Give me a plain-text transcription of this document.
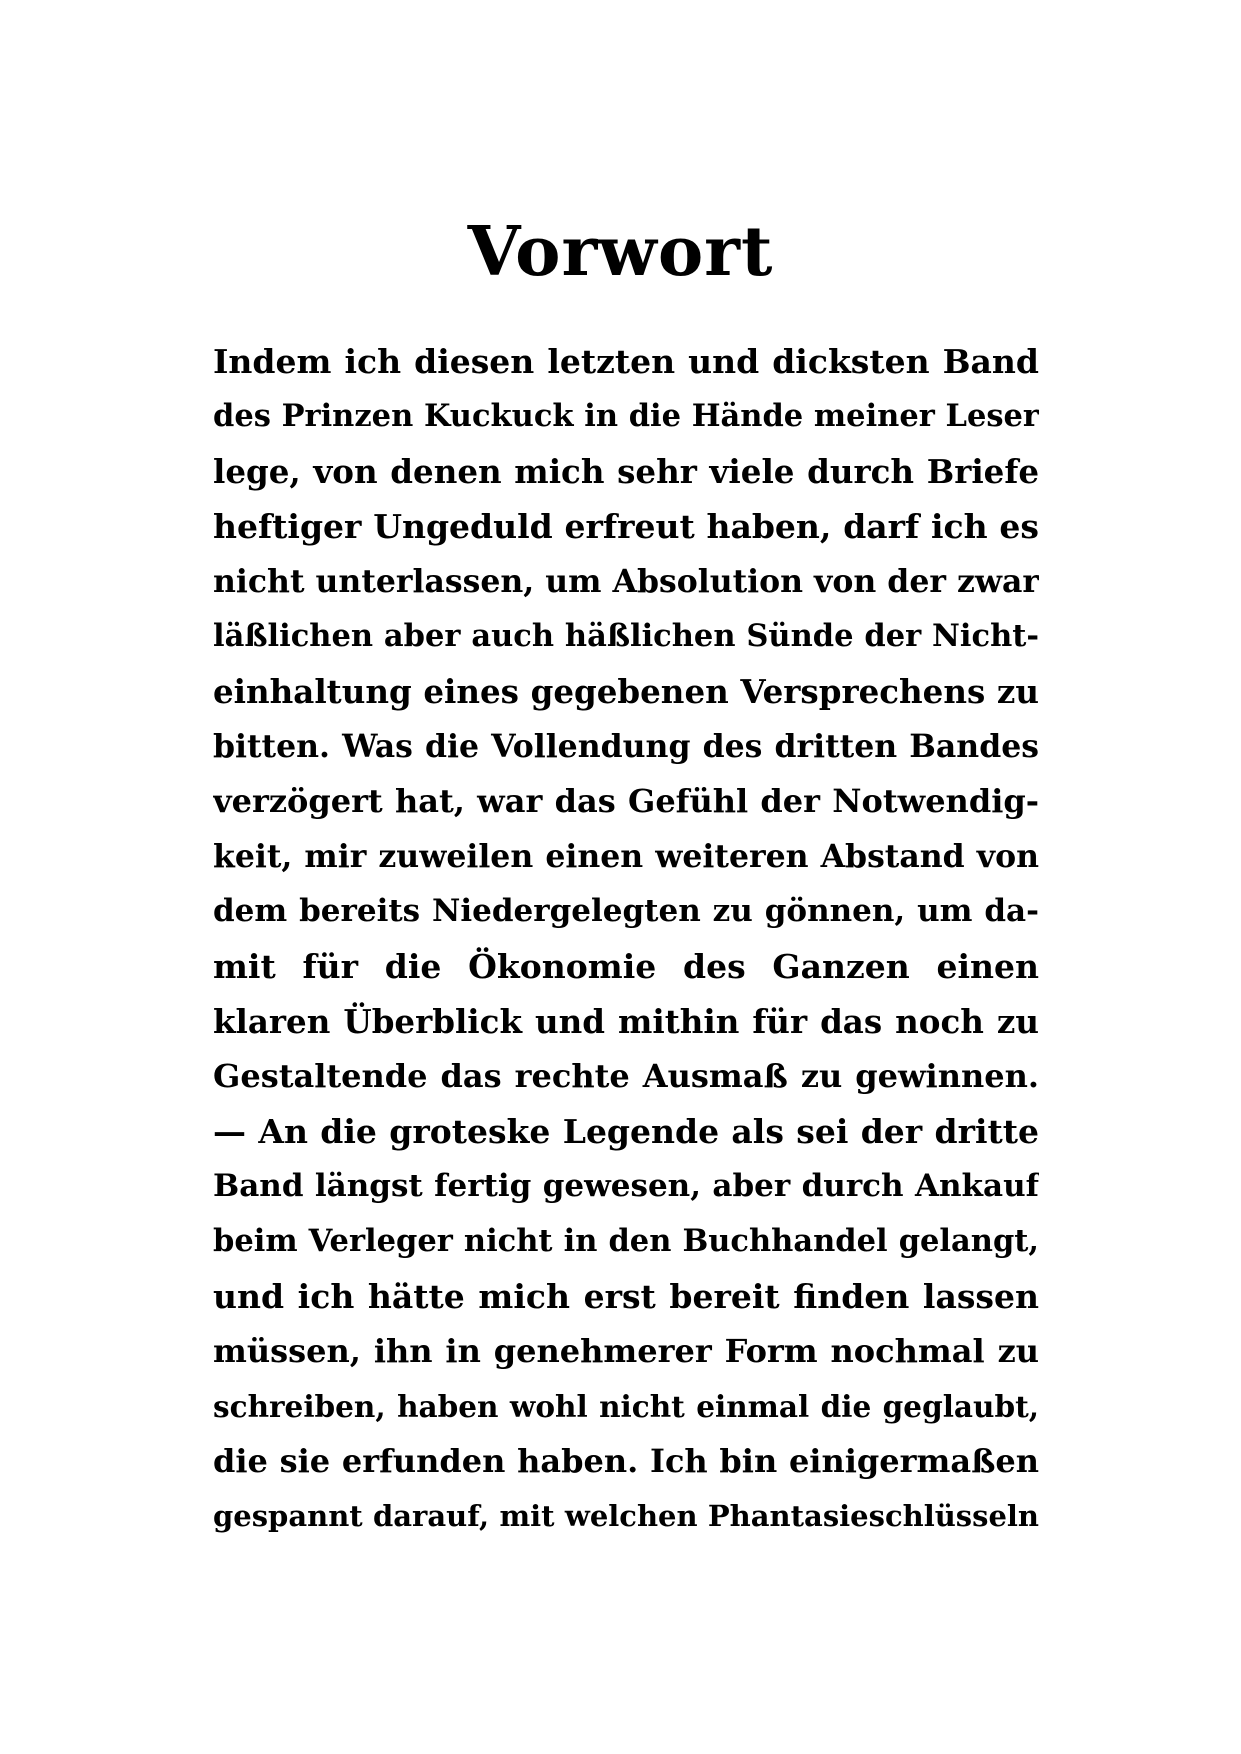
Vorwort
Indem ich diesen letzten und dicksten Band
des Prinzen Kuckuck in die Hände meiner Leser
lege, von denen mich sehr viele durch Briefe
heftiger Ungeduld erfreut haben, darf ich es
nicht unterlassen, um Absolution von der zwar
läßlichen aber auch häßlichen Sünde der Nicht-
einhaltung eines gegebenen Versprechens zu
bitten. Was die Vollendung des dritten Bandes
verzögert hat, war das Gefühl der Notwendig-
keit, mir zuweilen einen weiteren Abstand von
dem bereits Niedergelegten zu gönnen, um da-
mit für die Ökonomie des Ganzen einen
klaren Überblick und mithin für das noch zu
Gestaltende das rechte Ausmaß zu gewinnen.
— An die groteske Legende als sei der dritte
Band längst fertig gewesen, aber durch Ankauf
beim Verleger nicht in den Buchhandel gelangt,
und ich hätte mich erst bereit finden lassen
müssen, ihn in genehmerer Form nochmal zu
schreiben, haben wohl nicht einmal die geglaubt,
die sie erfunden haben. Ich bin einigermaßen
gespannt darauf, mit welchen Phantasieschlüsseln
